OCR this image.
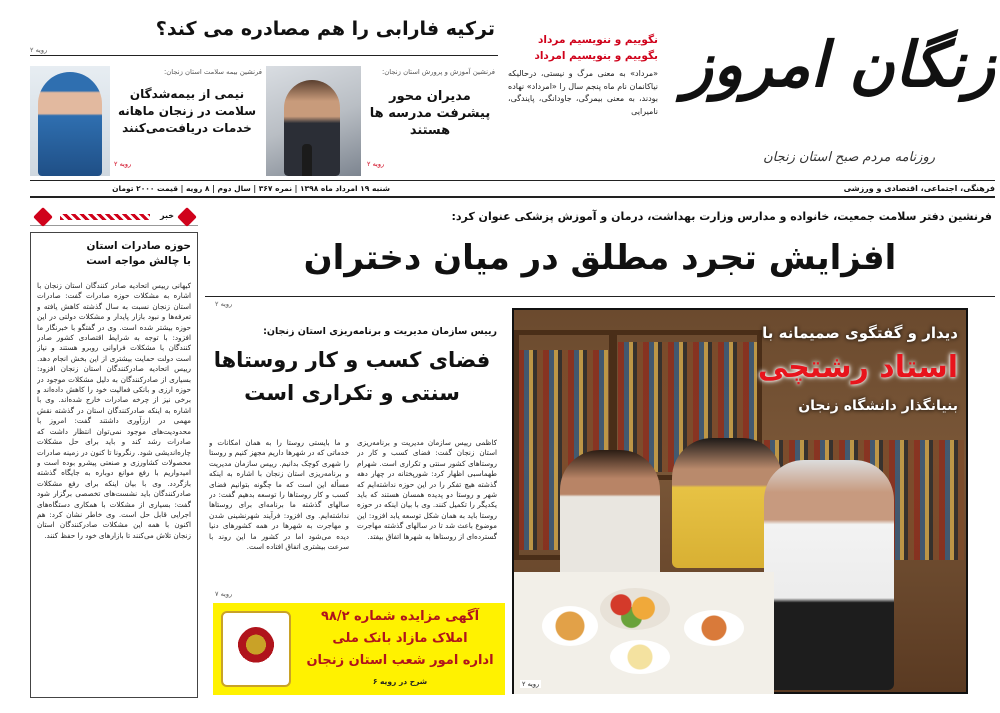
زنگان امروز
روزنامه مردم صبح استان زنجان
نگوییم و ننویسیم مرداد
بگوییم و بنویسیم امرداد
«مرداد» به معنی مرگ و نیستی، درحالیکه نیاکانمان نام ماه پنجم سال را «امرداد» نهاده بودند، به معنی بیمرگی، جاودانگی، پایندگی، نامیرایی
ترکیه فارابی را هم مصادره می کند؟
رویه ۲
فرنشین آموزش و پرورش استان زنجان:
مدیران محور پیشرفت مدرسه ها هستند
رویه ۲
فرنشین بیمه سلامت استان زنجان:
نیمی از بیمه‌شدگان سلامت در زنجان ماهانه خدمات دریافت‌می‌کنند
رویه ۲
فرهنگی، اجتماعی، اقتصادی و ورزشی
شنبه ۱۹ امرداد ماه ۱۳۹۸ | نمره ۳۶۷ | سال دوم | ۸ رویه | قیمت ۲۰۰۰ تومان
خبر
حوزه صادرات استان با چالش مواجه است
کیهانی رییس اتحادیه صادر کنندگان استان زنجان با اشاره به مشکلات حوزه صادرات گفت: صادرات استان زنجان نسبت به سال گذشته کاهش یافته و تعرفه‌ها و نبود بازار پایدار و مشکلات دولتی در این حوزه بیشتر شده است. وی در گفتگو با خبرنگار ما افزود: با توجه به شرایط اقتصادی کشور صادر کنندگان با مشکلات فراوانی روبرو هستند و نیاز است دولت حمایت بیشتری از این بخش انجام دهد. رییس اتحادیه صادرکنندگان استان زنجان افزود: بسیاری از صادرکنندگان به دلیل مشکلات موجود در حوزه ارزی و بانکی فعالیت خود را کاهش داده‌اند و برخی نیز از چرخه صادرات خارج شده‌اند. وی با اشاره به اینکه صادرکنندگان استان در گذشته نقش مهمی در ارزآوری داشتند گفت: امروز با محدودیت‌های موجود نمی‌توان انتظار داشت که صادرات رشد کند و باید برای حل مشکلات چاره‌اندیشی شود. رنگرونا تا کنون در زمینه صادرات محصولات کشاورزی و صنعتی پیشرو بوده است و امیدواریم با رفع موانع دوباره به جایگاه گذشته بازگردد. وی با بیان اینکه برای رفع مشکلات صادرکنندگان باید نشست‌های تخصصی برگزار شود گفت: بسیاری از مشکلات با همکاری دستگاه‌های اجرایی قابل حل است. وی خاطر نشان کرد: هم اکنون با همه این مشکلات صادرکنندگان استان زنجان تلاش می‌کنند تا بازارهای خود را حفظ کنند.
فرنشین دفتر سلامت جمعیت، خانواده و مدارس وزارت بهداشت، درمان و آموزش پزشکی عنوان کرد:
افزایش تجرد مطلق در میان دختران
رویه ۲
رییس سازمان مدیریت و برنامه‌ریزی استان زنجان:
فضای کسب و کار روستاها سنتی و تکراری است
کاظمی رییس سازمان مدیریت و برنامه‌ریزی استان زنجان گفت: فضای کسب و کار در روستاهای کشور سنتی و تکراری است. شهرام طهماسبی اظهار کرد: شورپختانه در چهار دهه گذشته هیچ تفکر را در این حوزه نداشته‌ایم که شهر و روستا دو پدیده همسان هستند که باید یکدیگر را تکمیل کنند. وی با بیان اینکه در حوزه روستا باید به همان شکل توسعه یابد افزود: این موضوع باعث شد تا در سالهای گذشته مهاجرت گسترده‌ای از روستاها به شهرها اتفاق بیفتد.
و ما بایستی روستا را به همان امکانات و خدماتی که در شهرها داریم مجهز کنیم و روستا را شهری کوچک بدانیم. رییس سازمان مدیریت و برنامه‌ریزی استان زنجان با اشاره به اینکه مسأله این است که ما چگونه بتوانیم فضای کسب و کار روستاها را توسعه بدهیم گفت: در سالهای گذشته ما برنامه‌ای برای روستاها نداشته‌ایم. وی افزود: فرآیند شهرنشینی شدن و مهاجرت به شهرها در همه کشورهای دنیا دیده می‌شود اما در کشور ما این روند با سرعت بیشتری اتفاق افتاده است.
رویه ۷
آگهی مزایده شماره ۹۸/۲
املاک مازاد بانک ملی
اداره امور شعب استان زنجان
شرح در رویه ۶
دیدار و گفتگوی صمیمانه با
استاد رشتچی
بنیانگذار دانشگاه زنجان
رویه ۲
